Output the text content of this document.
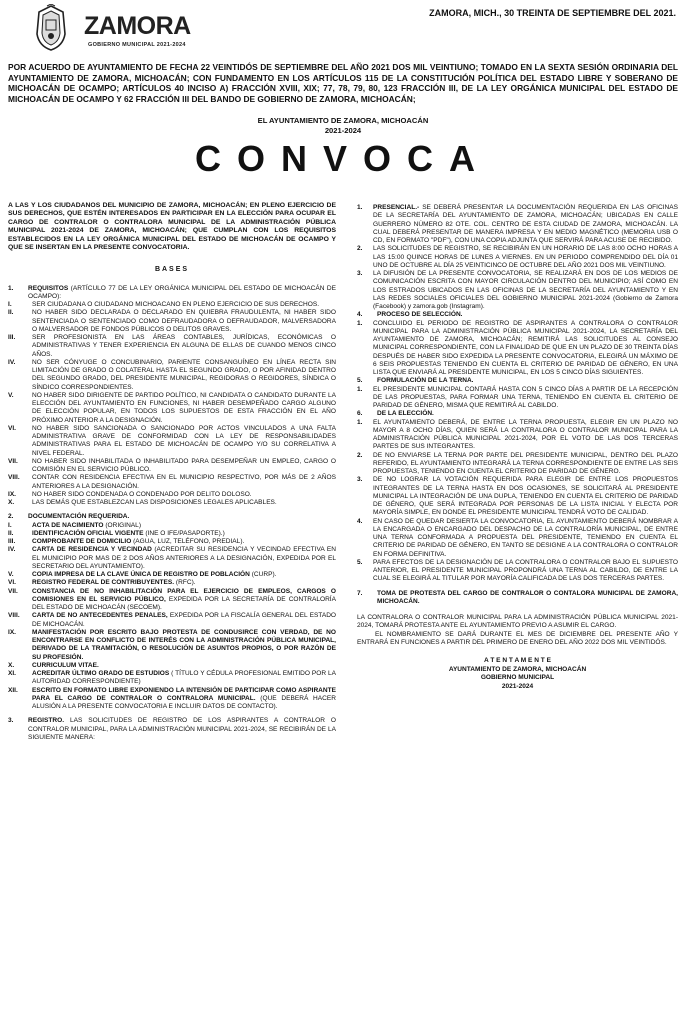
ZAMORA
GOBIERNO MUNICIPAL 2021-2024
ZAMORA, MICH., 30 TREINTA DE SEPTIEMBRE DEL 2021.
POR ACUERDO DE AYUNTAMIENTO DE FECHA 22 VEINTIDÓS DE SEPTIEMBRE DEL AÑO 2021 DOS MIL VEINTIUNO; TOMADO EN LA SEXTA SESIÓN ORDINARIA DEL AYUNTAMIENTO DE ZAMORA, MICHOACÁN; CON FUNDAMENTO EN LOS ARTÍCULOS 115 DE LA CONSTITUCIÓN POLÍTICA DEL ESTADO LIBRE Y SOBERANO DE MICHOACÁN DE OCAMPO; ARTÍCULOS 40 INCISO A) FRACCIÓN XVIII, XIX; 77, 78, 79, 80, 123 FRACCIÓN III, DE LA LEY ORGÁNICA MUNICIPAL DEL ESTADO DE MICHOACÁN DE OCAMPO Y 62 FRACCIÓN III DEL BANDO DE GOBIERNO DE ZAMORA, MICHOACÁN;
EL AYUNTAMIENTO DE ZAMORA, MICHOACÁN
2021-2024
CONVOCA
A LAS Y LOS CIUDADANOS DEL MUNICIPIO DE ZAMORA, MICHOACÁN; EN PLENO EJERCICIO DE SUS DERECHOS, QUE ESTÉN INTERESADOS EN PARTICIPAR EN LA ELECCIÓN PARA OCUPAR EL CARGO DE CONTRALOR O CONTRALORA MUNICIPAL DE LA ADMINISTRACIÓN PÚBLICA MUNICIPAL 2021-2024 DE ZAMORA, MICHOACÁN; QUE CUMPLAN CON LOS REQUISITOS ESTABLECIDOS EN LA LEY ORGÁNICA MUNICIPAL DEL ESTADO DE MICHOACÁN DE OCAMPO Y QUE SE INSERTAN EN LA PRESENTE CONVOCATORIA.
BASES
1.	REQUISITOS (ARTÍCULO 77 DE LA LEY ORGÁNICA MUNICIPAL DEL ESTADO DE MICHOACÁN DE OCAMPO):
I.	SER CIUDADANA O CIUDADANO MICHOACANO EN PLENO EJERCICIO DE SUS DERECHOS.
II.	NO HABER SIDO DECLARADA O DECLARADO EN QUIEBRA FRAUDULENTA, NI HABER SIDO SENTENCIADA O SENTENCIADO COMO DEFRAUDADORA O DEFRAUDADOR, MALVERSADORA O MALVERSADOR DE FONDOS PÚBLICOS O DELITOS GRAVES.
III.	SER PROFESIONISTA EN LAS ÁREAS CONTABLES, JURÍDICAS, ECONÓMICAS O ADMINISTRATIVAS Y TENER EXPERIENCIA EN ALGUNA DE ELLAS DE CUANDO MENOS CINCO AÑOS.
IV.	NO SER CÓNYUGE O CONCUBINARIO, PARIENTE CONSANGUÍNEO EN LÍNEA RECTA SIN LIMITACIÓN DE GRADO O COLATERAL HASTA EL SEGUNDO GRADO, O POR AFINIDAD DENTRO DEL SEGUNDO GRADO, DEL PRESIDENTE MUNICIPAL, REGIDORAS O REGIDORES, SÍNDICA O SÍNDICO CORRESPONDIENTES.
V.	NO HABER SIDO DIRIGENTE DE PARTIDO POLÍTICO, NI CANDIDATA O CANDIDATO DURANTE LA ELECCIÓN DEL AYUNTAMIENTO EN FUNCIONES, NI HABER DESEMPEÑADO CARGO ALGUNO DE ELECCIÓN POPULAR, EN TODOS LOS SUPUESTOS DE ESTA FRACCIÓN EN EL AÑO PRÓXIMO ANTERIOR A LA DESIGNACIÓN.
VI.	NO HABER SIDO SANCIONADA O SANCIONADO POR ACTOS VINCULADOS A UNA FALTA ADMINISTRATIVA GRAVE DE CONFORMIDAD CON LA LEY DE RESPONSABILIDADES ADMINISTRATIVAS PARA EL ESTADO DE MICHOACÁN DE OCAMPO Y/O SU CORRELATIVA A NIVEL FEDERAL.
VII.	NO HABER SIDO INHABILITADA O INHABILITADO PARA DESEMPEÑAR UN EMPLEO, CARGO O COMISIÓN EN EL SERVICIO PÚBLICO.
VIII.	CONTAR CON RESIDENCIA EFECTIVA EN EL MUNICIPIO RESPECTIVO, POR MÁS DE 2 AÑOS ANTERIORES A LA DESIGNACIÓN.
IX.	NO HABER SIDO CONDENADA O CONDENADO POR DELITO DOLOSO.
X.	LAS DEMÁS QUE ESTABLEZCAN LAS DISPOSICIONES LEGALES APLICABLES.
2.	DOCUMENTACIÓN REQUERIDA.
I.	ACTA DE NACIMIENTO (ORIGINAL)
II.	IDENTIFICACIÓN OFICIAL VIGENTE (INE O IFE/PASAPORTE).)
III.	COMPROBANTE DE DOMICILIO (AGUA, LUZ, TELÉFONO, PREDIAL).
IV.	CARTA DE RESIDENCIA Y VECINDAD (ACREDITAR SU RESIDENCIA Y VECINDAD EFECTIVA EN EL MUNICIPIO POR MAS DE 2 DOS AÑOS ANTERIORES A LA DESIGNACIÓN, EXPEDIDA POR EL SECRETARIO DEL AYUNTAMIENTO).
V.	COPIA IMPRESA DE LA CLAVE ÚNICA DE REGISTRO DE POBLACIÓN (CURP).
VI.	REGISTRO FEDERAL DE CONTRIBUYENTES. (RFC).
VII.	CONSTANCIA DE NO INHABILITACIÓN PARA EL EJERCICIO DE EMPLEOS, CARGOS O COMISIONES EN EL SERVICIO PÚBLICO, EXPEDIDA POR LA SECRETARÍA DE CONTRALORÍA DEL ESTADO DE MICHOACÁN (SECOEM).
VIII.	CARTA DE NO ANTECEDENTES PENALES, EXPEDIDA POR LA FISCALÍA GENERAL DEL ESTADO DE MICHOACÁN.
IX.	MANIFESTACIÓN POR ESCRITO BAJO PROTESTA DE CONDUSIRCE CON VERDAD, DE NO ENCONTRARSE EN CONFLICTO DE INTERÉS CON LA ADMINISTRACIÓN PÚBLICA MUNICIPAL, DERIVADO DE LA TRAMITACIÓN, O RESOLUCIÓN DE ASUNTOS PROPIOS, O POR RAZÓN DE SU PROFESIÓN.
X.	CURRICULUM VITAE.
XI.	ACREDITAR ÚLTIMO GRADO DE ESTUDIOS ( TÍTULO Y CÉDULA PROFESIONAL EMITIDO POR LA AUTORIDAD CORRESPONDIENTE)
XII.	ESCRITO EN FORMATO LIBRE EXPONIENDO LA INTENSIÓN DE PARTICIPAR COMO ASPIRANTE PARA EL CARGO DE CONTRALOR O CONTRALORA MUNICIPAL. (QUE DEBERÁ HACER ALUSIÓN A LA PRESENTE CONVOCATORIA E INCLUIR DATOS DE CONTACTO).
3.	REGISTRO. LAS SOLICITUDES DE REGISTRO DE LOS ASPIRANTES A CONTRALOR O CONTRALOR MUNICIPAL, PARA LA ADMINISTRACIÓN MUNICIPAL 2021-2024, SE RECIBIRÁN DE LA SIGUIENTE MANERA:
1.	PRESENCIAL.- SE DEBERÁ PRESENTAR LA DOCUMENTACIÓN REQUERIDA EN LAS OFICINAS DE LA SECRETARÍA DEL AYUNTAMIENTO DE ZAMORA, MICHOACÁN; UBICADAS EN CALLE GUERRERO NÚMERO 82 OTE. COL. CENTRO DE ESTA CIUDAD DE ZAMORA, MICHOACÁN. LA CUAL DEBERÁ PRESENTAR DE MANERA IMPRESA Y EN MEDIO MAGNÉTICO (MEMORIA USB O CD, EN FORMATO "PDF"), CON UNA COPIA ADJUNTA QUE SERVIRÁ PARA ACUSE DE RECIBIDO.
2.	LAS SOLICITUDES DE REGISTRO, SE RECIBIRÁN EN UN HORARIO DE LAS 8:00 OCHO HORAS A LAS 15:00 QUINCE HORAS DE LUNES A VIERNES. EN UN PERIODO COMPRENDIDO DEL DÍA 01 UNO DE OCTUBRE AL DÍA 25 VEINTICINCO DE OCTUBRE DEL AÑO 2021 DOS MIL VEINTIUNO.
3.	LA DIFUSIÓN DE LA PRESENTE CONVOCATORIA, SE REALIZARÁ EN DOS DE LOS MEDIOS DE COMUNICACIÓN ESCRITA CON MAYOR CIRCULACIÓN DENTRO DEL MUNICIPIO; ASÍ COMO EN LOS ESTRADOS UBICADOS EN LAS OFICINAS DE LA SECRETARÍA DEL AYUNTAMIENTO Y EN LAS REDES SOCIALES OFICIALES DEL GOBIERNO MUNICIPAL 2021-2024 (Gobierno de Zamora (Facebook) y zamora.gob (Instagram).
4.	PROCESO DE SELECCIÓN.
1.	CONCLUIDO EL PERIODO DE REGISTRO DE ASPIRANTES A CONTRALORA O CONTRALOR MUNICIPAL PARA LA ADMINISTRACIÓN PÚBLICA MUNICIPAL 2021-2024, LA SECRETARÍA DEL AYUNTAMIENTO DE ZAMORA, MICHOACÁN; REMITIRÁ LAS SOLICITUDES AL CONSEJO MUNICIPAL CORRESPONDIENTE, CON LA FINALIDAD DE QUE EN UN PLAZO DE 30 TREINTA DÍAS DESPUÉS DE HABER SIDO EXPEDIDA LA PRESENTE CONVOCATORIA, ELEGIRÁ UN MÁXIMO DE 6 SEIS PROPUESTAS TENIENDO EN CUENTA EL CRITERIO DE PARIDAD DE GÉNERO, EN UNA LISTA QUE ENVIARÁ AL PRESIDENTE MUNICIPAL, EN LOS 5 CINCO DÍAS SIGUIENTES.
5.	FORMULACIÓN DE LA TERNA.
1.	EL PRESIDENTE MUNICIPAL CONTARÁ HASTA CON 5 CINCO DÍAS A PARTIR DE LA RECEPCIÓN DE LAS PROPUESTAS, PARA FORMAR UNA TERNA, TENIENDO EN CUENTA EL CRITERIO DE PARIDAD DE GÉNERO, MISMA QUE REMITIRÁ AL CABILDO.
6.	DE LA ELECCIÓN.
1.	EL AYUNTAMIENTO DEBERÁ, DE ENTRE LA TERNA PROPUESTA, ELEGIR EN UN PLAZO NO MAYOR A 8 OCHO DÍAS, QUIEN SERÁ LA CONTRALORA O CONTRALOR MUNICIPAL PARA LA ADMINISTRACIÓN PÚBLICA MUNICIPAL 2021-2024, POR EL VOTO DE LAS DOS TERCERAS PARTES DE SUS INTEGRANTES.
2.	DE NO ENVIARSE LA TERNA POR PARTE DEL PRESIDENTE MUNICIPAL, DENTRO DEL PLAZO REFERIDO, EL AYUNTAMIENTO INTEGRARÁ LA TERNA CORRESPONDIENTE DE ENTRE LAS SEIS PROPUESTAS, TENIENDO EN CUENTA EL CRITERIO DE PARIDAD DE GÉNERO.
3.	DE NO LOGRAR LA VOTACIÓN REQUERIDA PARA ELEGIR DE ENTRE LOS PROPUESTOS INTEGRANTES DE LA TERNA HASTA EN DOS OCASIONES, SE SOLICITARÁ AL PRESIDENTE MUNICIPAL LA INTEGRACIÓN DE UNA DUPLA, TENIENDO EN CUENTA EL CRITERIO DE PARIDAD DE GÉNERO, QUE SERÁ INTEGRADA POR PERSONAS DE LA LISTA INICIAL Y ELECTA POR MAYORÍA SIMPLE, EN DONDE EL PRESIDENTE MUNICIPAL TENDRÁ VOTO DE CALIDAD.
4.	EN CASO DE QUEDAR DESIERTA LA CONVOCATORIA, EL AYUNTAMIENTO DEBERÁ NOMBRAR A LA ENCARGADA O ENCARGADO DEL DESPACHO DE LA CONTRALORÍA MUNICIPAL, DE ENTRE UNA TERNA CONFORMADA A PROPUESTA DEL PRESIDENTE, TENIENDO EN CUENTA EL CRITERIO DE PARIDAD DE GÉNERO, EN TANTO SE DESIGNE A LA CONTRALORA O CONTRALOR EN FORMA DEFINITIVA.
5.	PARA EFECTOS DE LA DESIGNACIÓN DE LA CONTRALORA O CONTRALOR BAJO EL SUPUESTO ANTERIOR, EL PRESIDENTE MUNICIPAL PROPONDRÁ UNA TERNA AL CABILDO, DE ENTRE LA CUAL SE ELEGIRÁ AL TITULAR POR MAYORÍA CALIFICADA DE LAS DOS TERCERAS PARTES.
7.	TOMA DE PROTESTA DEL CARGO DE CONTRALOR O CONTALORA MUNICIPAL DE ZAMORA, MICHOACÁN.
LA CONTRALORA O CONTRALOR MUNICIPAL PARA LA ADMINISTRACIÓN PÚBLICA MUNICIPAL 2021-2024, TOMARÁ PROTESTA ANTE EL AYUNTAMIENTO PREVIO A ASUMIR EL CARGO.
EL NOMBRAMIENTO SE DARÁ DURANTE EL MES DE DICIEMBRE DEL PRESENTE AÑO Y ENTRARÁ EN FUNCIONES A PARTIR DEL PRIMERO DE ENERO DEL AÑO 2022 DOS MIL VEINTIDÓS.
A T E N T A M E N T E
AYUNTAMIENTO DE ZAMORA, MICHOACÁN
GOBIERNO MUNICIPAL
2021-2024
